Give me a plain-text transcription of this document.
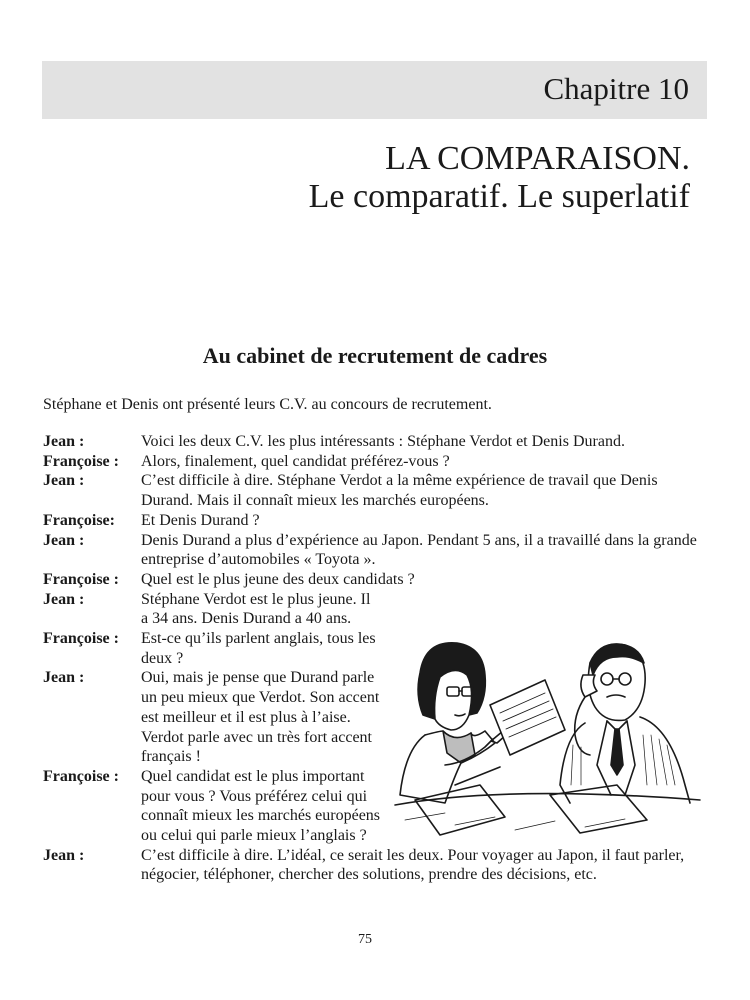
Chapitre 10
LA COMPARAISON.
Le comparatif. Le superlatif
Au cabinet de recrutement de cadres
Stéphane et Denis ont présenté leurs C.V. au concours de recrutement.
Jean :	Voici les deux C.V. les plus intéressants : Stéphane Verdot et Denis Durand.
Françoise :	Alors, finalement, quel candidat préférez-vous ?
Jean :	C’est difficile à dire. Stéphane Verdot a la même expérience de travail que Denis Durand. Mais il connaît mieux les marchés européens.
Françoise:	Et Denis Durand ?
Jean :	Denis Durand a plus d’expérience au Japon. Pendant 5 ans, il a travaillé dans la grande entreprise d’automobiles « Toyota ».
Françoise :	Quel est le plus jeune des deux candidats ?
Jean :	Stéphane Verdot est le plus jeune. Il a 34 ans. Denis Durand a 40 ans.
Françoise :	Est-ce qu’ils parlent anglais, tous les deux ?
Jean :	Oui, mais je pense que Durand parle un peu mieux que Verdot. Son accent est meilleur et il est plus à l’aise. Verdot parle avec un très fort accent français !
Françoise :	Quel candidat est le plus important pour vous ? Vous préférez celui qui connaît mieux les marchés européens ou celui qui parle mieux l’anglais ?
Jean :	C’est difficile à dire. L’idéal, ce serait les deux. Pour voyager au Japon, il faut parler, négocier, téléphoner, chercher des solutions, prendre des décisions, etc.
75
